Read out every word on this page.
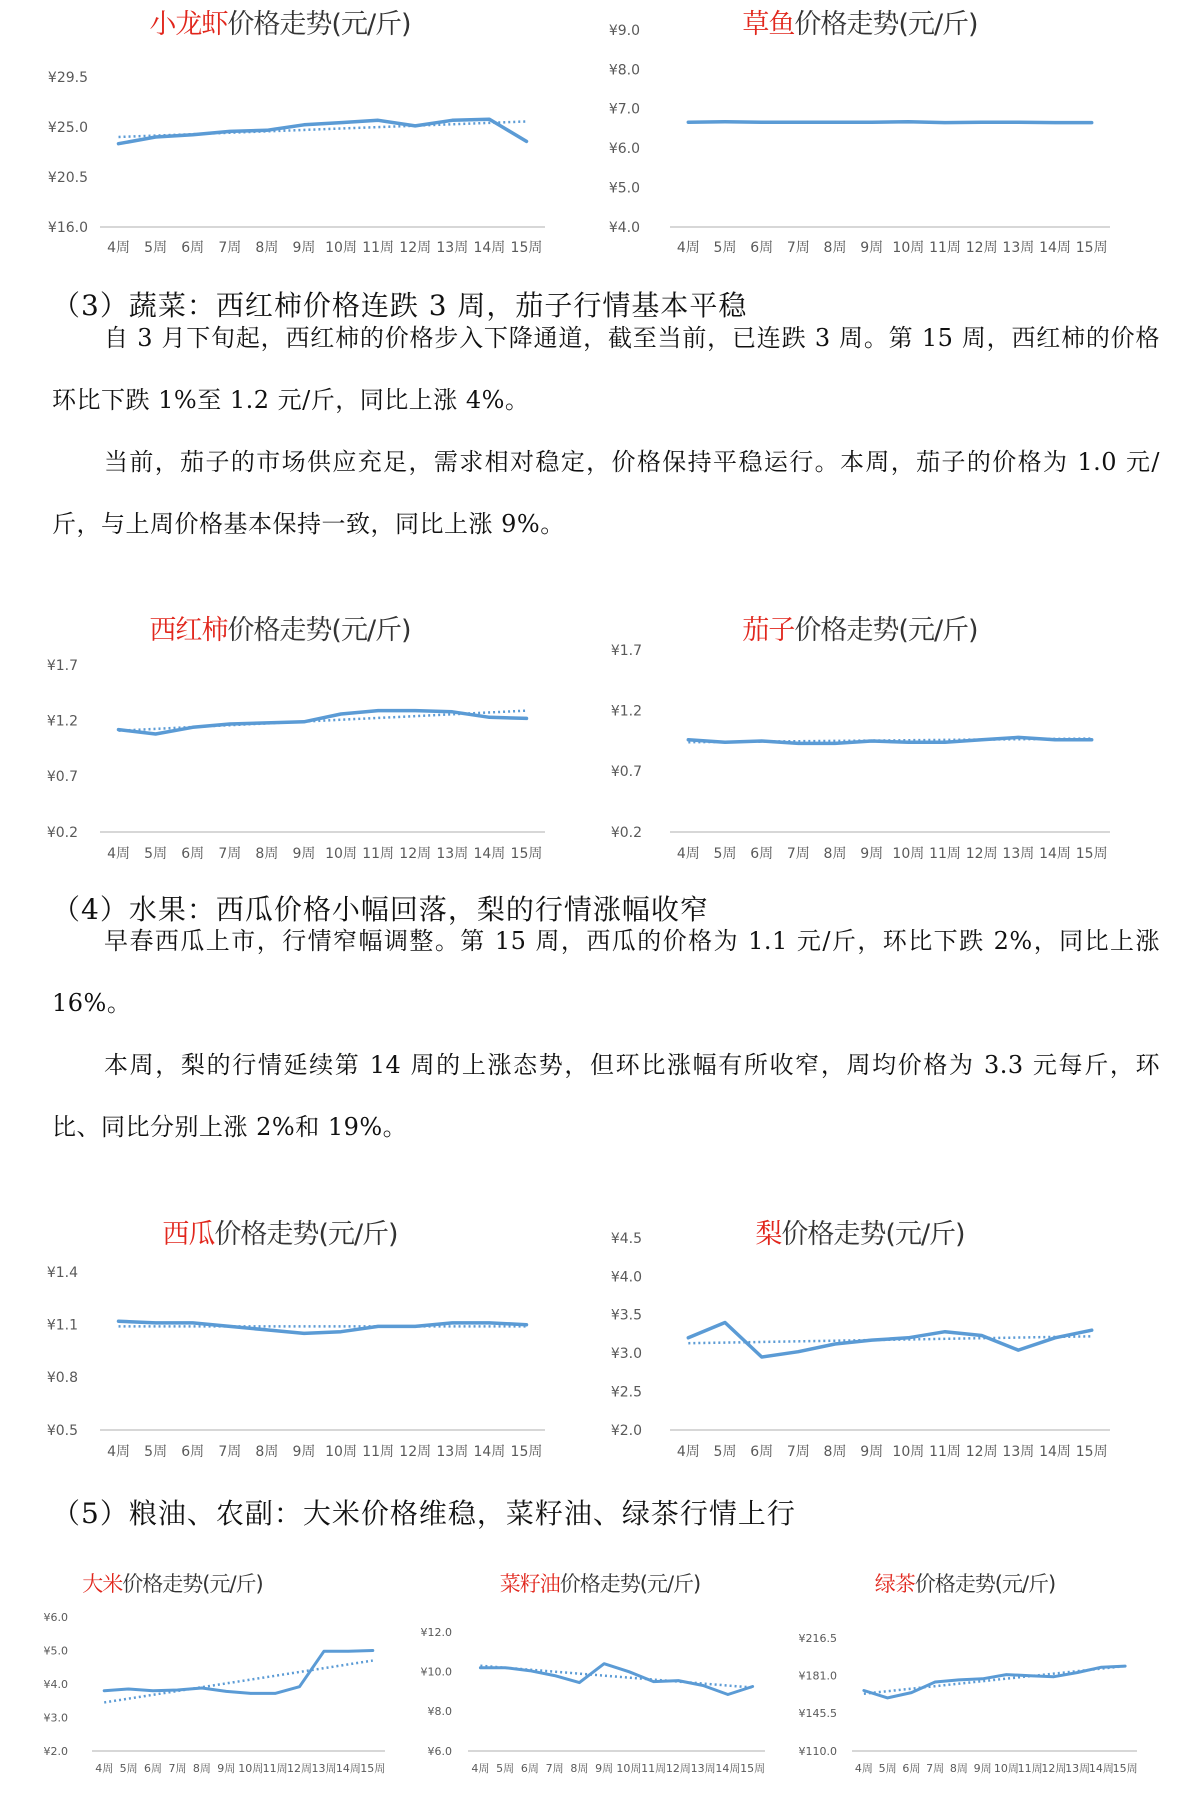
小龙虾价格走势(元/斤)
¥16.0
¥20.5
¥25.0
¥29.5
4周 5周 6周 7周 8周 9周 10周 11周 12周 13周 14周 15周
草鱼价格走势(元/斤)
¥4.0
¥5.0
¥6.0
¥7.0
¥8.0
¥9.0
4周 5周 6周 7周 8周 9周 10周 11周 12周 13周 14周 15周
（3）蔬菜：西红柿价格连跌 3 周，茄子行情基本平稳

自 3 月下旬起，西红柿的价格步入下降通道，截至当前，已连跌 3 周。第 15 周，西红柿的价格环比下跌 1%至 1.2 元/斤，同比上涨 4%。

当前，茄子的市场供应充足，需求相对稳定，价格保持平稳运行。本周，茄子的价格为 1.0 元/斤，与上周价格基本保持一致，同比上涨 9%。

西红柿价格走势(元/斤)
¥0.2
¥0.7
¥1.2
¥1.7
4周 5周 6周 7周 8周 9周 10周 11周 12周 13周 14周 15周
茄子价格走势(元/斤)
¥0.2
¥0.7
¥1.2
¥1.7
4周 5周 6周 7周 8周 9周 10周 11周 12周 13周 14周 15周
（4）水果：西瓜价格小幅回落，梨的行情涨幅收窄

早春西瓜上市，行情窄幅调整。第 15 周，西瓜的价格为 1.1 元/斤，环比下跌 2%，同比上涨 16%。

本周，梨的行情延续第 14 周的上涨态势，但环比涨幅有所收窄，周均价格为 3.3 元每斤，环比、同比分别上涨 2%和 19%。

西瓜价格走势(元/斤)
¥0.5
¥0.8
¥1.1
¥1.4
4周 5周 6周 7周 8周 9周 10周 11周 12周 13周 14周 15周
梨价格走势(元/斤)
¥2.0
¥2.5
¥3.0
¥3.5
¥4.0
¥4.5
4周 5周 6周 7周 8周 9周 10周 11周 12周 13周 14周 15周
（5）粮油、农副：大米价格维稳，菜籽油、绿茶行情上行
大米价格走势(元/斤)
¥2.0
¥3.0
¥4.0
¥5.0
¥6.0
4周 5周 6周 7周 8周 9周 10周 11周 12周 13周 14周 15周
菜籽油价格走势(元/斤)
¥6.0
¥8.0
¥10.0
¥12.0
4周 5周 6周 7周 8周 9周 10周 11周 12周 13周 14周 15周
绿茶价格走势(元/斤)
¥110.0
¥145.5
¥181.0
¥216.5
4周 5周 6周 7周 8周 9周 10周
11周
12周
13周
14周
15周
